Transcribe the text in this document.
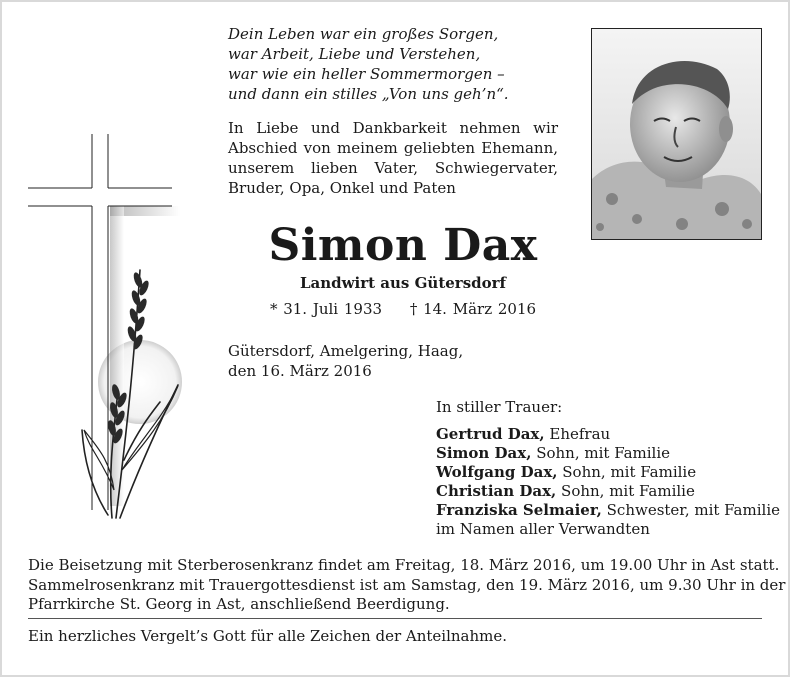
Dein Leben war ein großes Sorgen,
war Arbeit, Liebe und Verstehen,
war wie ein heller Sommermorgen –
und dann ein stilles „Von uns geh’n“.
In Liebe und Dankbarkeit nehmen wir Abschied von meinem geliebten Ehemann, unserem lieben Vater, Schwiegervater, Bruder, Opa, Onkel und Paten
Simon Dax
Landwirt aus Gütersdorf
* 31. Juli 1933 † 14. März 2016
Gütersdorf, Amelgering, Haag,
den 16. März 2016
In stiller Trauer:
Gertrud Dax, Ehefrau
Simon Dax, Sohn, mit Familie
Wolfgang Dax, Sohn, mit Familie
Christian Dax, Sohn, mit Familie
Franziska Selmaier, Schwester, mit Familie
im Namen aller Verwandten
Die Beisetzung mit Sterberosenkranz findet am Freitag, 18. März 2016, um 19.00 Uhr in Ast statt.
Sammelrosenkranz mit Trauergottesdienst ist am Samstag, den 19. März 2016, um 9.30 Uhr in der
Pfarrkirche St. Georg in Ast, anschließend Beerdigung.
Ein herzliches Vergelt’s Gott für alle Zeichen der Anteilnahme.
